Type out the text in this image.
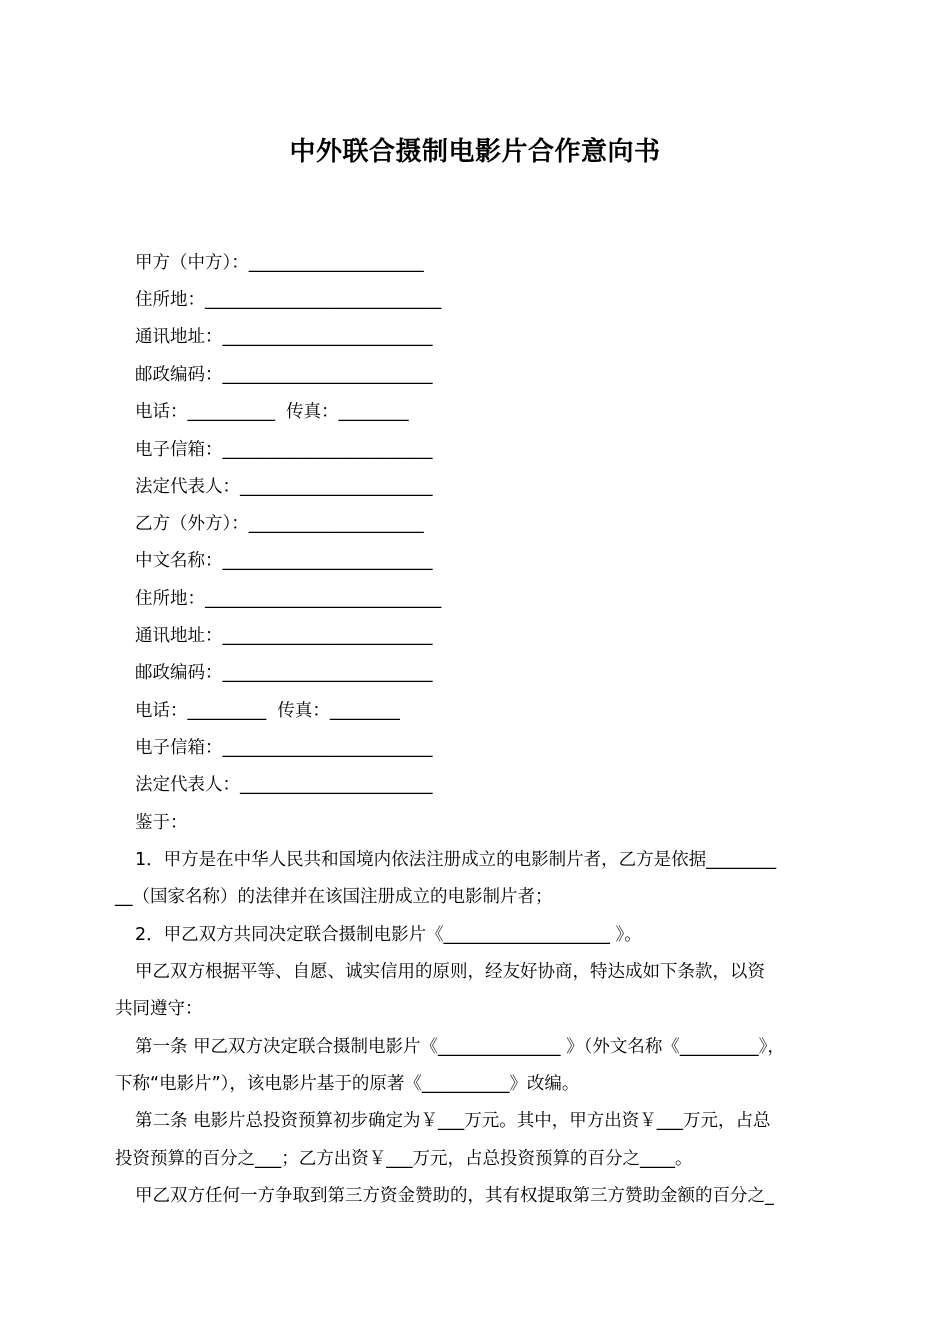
中外联合摄制电影片合作意向书
甲方（中方）：____________________
住所地：___________________________
通讯地址：________________________
邮政编码：________________________
电话：__________  传真：________
电子信箱：________________________
法定代表人：______________________
乙方（外方）：____________________
中文名称：________________________
住所地：___________________________
通讯地址：________________________
邮政编码：________________________
电话：_________  传真：________
电子信箱：________________________
法定代表人：______________________
鉴于：
1．甲方是在中华人民共和国境内依法注册成立的电影制片者，乙方是依据________
__（国家名称）的法律并在该国注册成立的电影制片者；
2．甲乙双方共同决定联合摄制电影片《___________________ 》。
甲乙双方根据平等、自愿、诚实信用的原则，经友好协商，特达成如下条款，以资
共同遵守：
第一条 甲乙双方决定联合摄制电影片《______________ 》（外文名称《_________》，
下称“电影片”），该电影片基于的原著《__________》改编。
第二条 电影片总投资预算初步确定为￥___万元。其中，甲方出资￥___万元，占总
投资预算的百分之___；乙方出资￥___万元，占总投资预算的百分之____。
甲乙双方任何一方争取到第三方资金赞助的，其有权提取第三方赞助金额的百分之_
